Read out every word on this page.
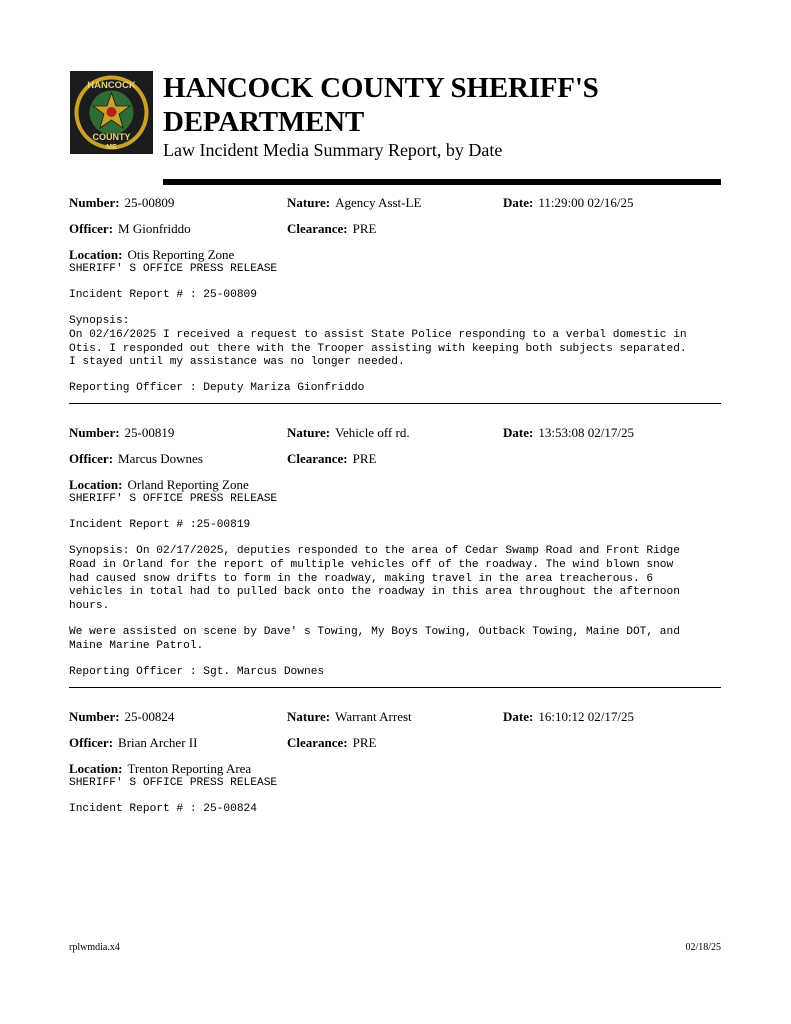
HANCOCK
COUNTY
ME
HANCOCK COUNTY SHERIFF'S DEPARTMENT
Law Incident Media Summary Report, by Date
Number: 25-00809	Nature: Agency Asst-LE	Date: 11:29:00 02/16/25
Officer: M Gionfriddo	Clearance: PRE
Location: Otis Reporting Zone
SHERIFF' S OFFICE PRESS RELEASE
Incident Report # : 25-00809
Synopsis:
On 02/16/2025 I received a request to assist State Police responding to a verbal domestic in
Otis. I responded out there with the Trooper assisting with keeping both subjects separated.
I stayed until my assistance was no longer needed.
Reporting Officer : Deputy Mariza Gionfriddo
Number: 25-00819	Nature: Vehicle off rd.	Date: 13:53:08 02/17/25
Officer: Marcus Downes	Clearance: PRE
Location: Orland Reporting Zone
SHERIFF' S OFFICE PRESS RELEASE
Incident Report # :25-00819
Synopsis: On 02/17/2025, deputies responded to the area of Cedar Swamp Road and Front Ridge
Road in Orland for the report of multiple vehicles off of the roadway. The wind blown snow
had caused snow drifts to form in the roadway, making travel in the area treacherous. 6
vehicles in total had to pulled back onto the roadway in this area throughout the afternoon
hours.
We were assisted on scene by Dave' s Towing, My Boys Towing, Outback Towing, Maine DOT, and
Maine Marine Patrol.
Reporting Officer : Sgt. Marcus Downes
Number: 25-00824	Nature: Warrant Arrest	Date: 16:10:12 02/17/25
Officer: Brian Archer II	Clearance: PRE
Location: Trenton Reporting Area
SHERIFF' S OFFICE PRESS RELEASE
Incident Report # : 25-00824
rplwmdia.x4	02/18/25
